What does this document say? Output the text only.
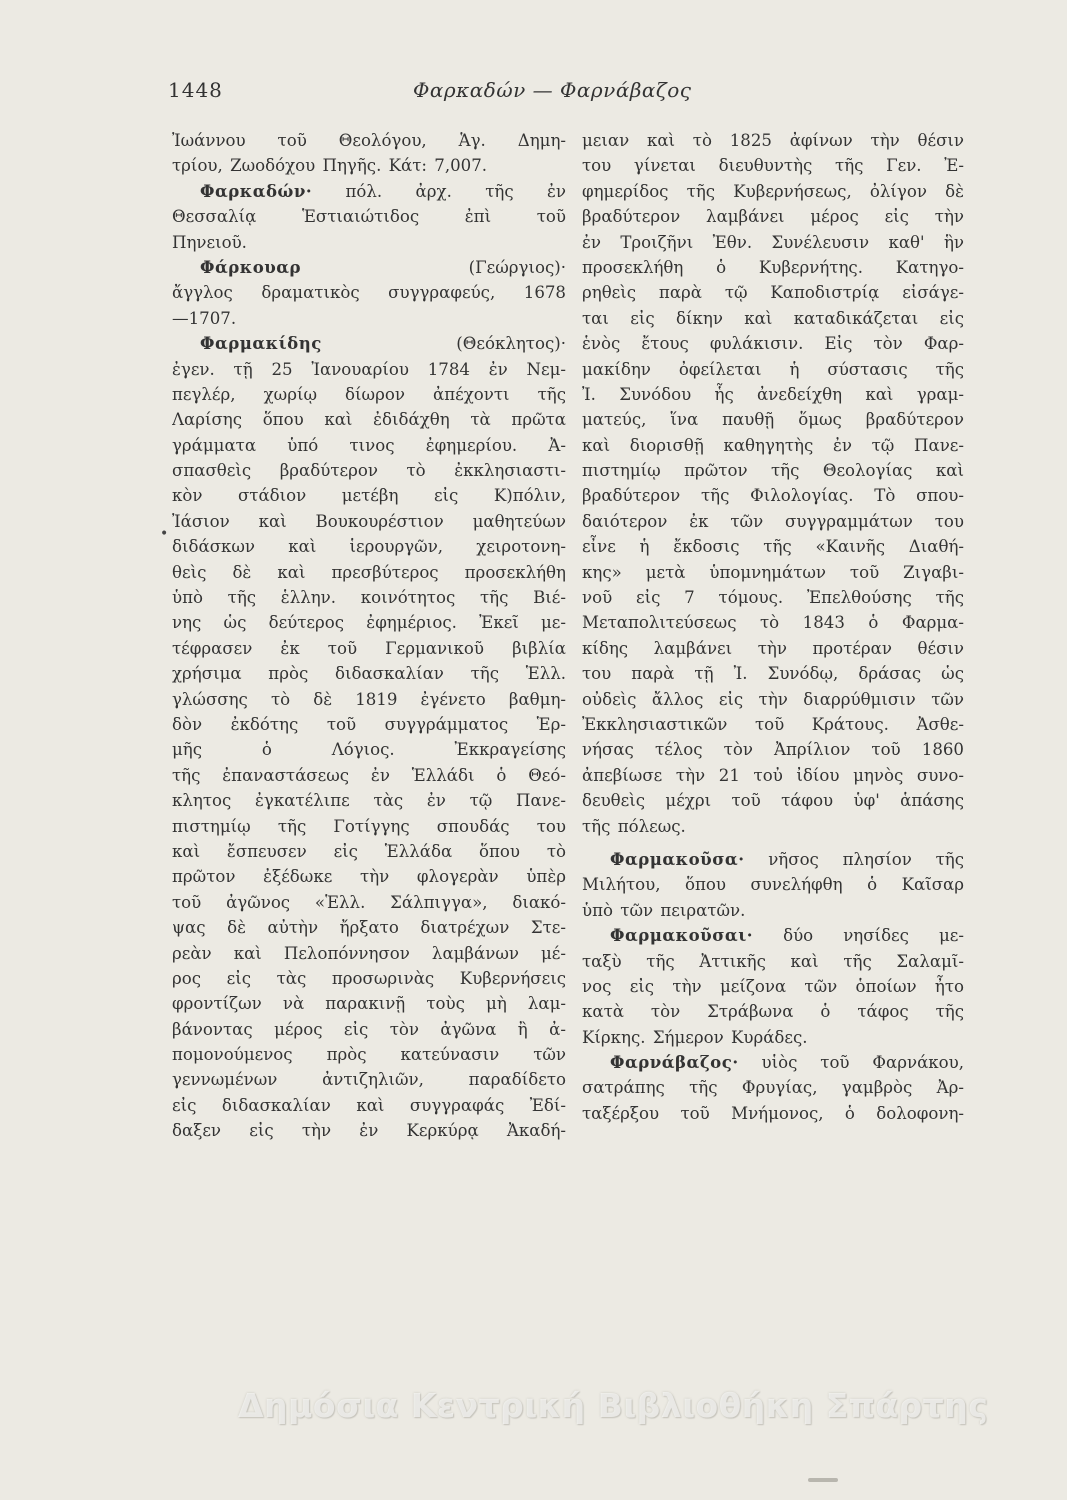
1448	Φαρκαδών — Φαρνάβαζος
•
Ἰωάννου τοῦ Θεολόγου, Ἁγ. Δημη-
τρίου, Ζωοδόχου Πηγῆς. Κάτ: 7,007.
Φαρκαδών· πόλ. ἀρχ. τῆς ἐν
Θεσσαλίᾳ Ἑστιαιώτιδος ἐπὶ τοῦ
Πηνειοῦ.
Φάρκουαρ (Γεώργιος)·
ἄγγλος δραματικὸς συγγραφεύς, 1678
—1707.
Φαρμακίδης (Θεόκλητος)·
ἐγεν. τῇ 25 Ἰανουαρίου 1784 ἐν Νεμ-
πεγλέρ, χωρίῳ δίωρον ἀπέχοντι τῆς
Λαρίσης ὅπου καὶ ἐδιδάχθη τὰ πρῶτα
γράμματα ὑπό τινος ἐφημερίου. Ἀ-
σπασθεὶς βραδύτερον τὸ ἐκκλησιαστι-
κὸν στάδιον μετέβη εἰς Κ)πόλιν,
Ἰάσιον καὶ Βουκουρέστιον μαθητεύων
διδάσκων καὶ ἱερουργῶν, χειροτονη-
θεὶς δὲ καὶ πρεσβύτερος προσεκλήθη
ὑπὸ τῆς ἑλλην. κοινότητος τῆς Βιέ-
νης ὡς δεύτερος ἐφημέριος. Ἐκεῖ με-
τέφρασεν ἐκ τοῦ Γερμανικοῦ βιβλία
χρήσιμα πρὸς διδασκαλίαν τῆς Ἑλλ.
γλώσσης τὸ δὲ 1819 ἐγένετο βαθμη-
δὸν ἐκδότης τοῦ συγγράμματος Ἑρ-
μῆς ὁ Λόγιος. Ἐκκραγείσης
τῆς ἐπαναστάσεως ἐν Ἑλλάδι ὁ Θεό-
κλητος ἐγκατέλιπε τὰς ἐν τῷ Πανε-
πιστημίῳ τῆς Γοτίγγης σπουδάς του
καὶ ἔσπευσεν εἰς Ἑλλάδα ὅπου τὸ
πρῶτον ἐξέδωκε τὴν φλογερὰν ὑπὲρ
τοῦ ἀγῶνος «Ἑλλ. Σάλπιγγα», διακό-
ψας δὲ αὐτὴν ἤρξατο διατρέχων Στε-
ρεὰν καὶ Πελοπόννησον λαμβάνων μέ-
ρος εἰς τὰς προσωρινὰς Κυβερνήσεις
φροντίζων νὰ παρακινῇ τοὺς μὴ λαμ-
βάνοντας μέρος εἰς τὸν ἀγῶνα ἢ ἀ-
πομονούμενος πρὸς κατεύνασιν τῶν
γεννωμένων ἀντιζηλιῶν, παραδίδετο
εἰς διδασκαλίαν καὶ συγγραφάς Ἐδί-
δαξεν εἰς τὴν ἐν Κερκύρᾳ Ἀκαδή-
μειαν καὶ τὸ 1825 ἀφίνων τὴν θέσιν
του γίνεται διευθυντὴς τῆς Γεν. Ἐ-
φημερίδος τῆς Κυβερνήσεως, ὀλίγον δὲ
βραδύτερον λαμβάνει μέρος εἰς τὴν
ἐν Τροιζῆνι Ἐθν. Συνέλευσιν καθ' ἣν
προσεκλήθη ὁ Κυβερνήτης. Κατηγο-
ρηθεὶς παρὰ τῷ Καποδιστρίᾳ εἰσάγε-
ται εἰς δίκην καὶ καταδικάζεται εἰς
ἑνὸς ἔτους φυλάκισιν. Εἰς τὸν Φαρ-
μακίδην ὀφείλεται ἡ σύστασις τῆς
Ἰ. Συνόδου ἧς ἀνεδείχθη καὶ γραμ-
ματεύς, ἵνα παυθῇ ὅμως βραδύτερον
καὶ διορισθῇ καθηγητὴς ἐν τῷ Πανε-
πιστημίῳ πρῶτον τῆς Θεολογίας καὶ
βραδύτερον τῆς Φιλολογίας. Τὸ σπου-
δαιότερον ἐκ τῶν συγγραμμάτων του
εἶνε ἡ ἔκδοσις τῆς «Καινῆς Διαθή-
κης» μετὰ ὑπομνημάτων τοῦ Ζιγαβι-
νοῦ εἰς 7 τόμους. Ἐπελθούσης τῆς
Μεταπολιτεύσεως τὸ 1843 ὁ Φαρμα-
κίδης λαμβάνει τὴν προτέραν θέσιν
του παρὰ τῇ Ἰ. Συνόδῳ, δράσας ὡς
οὐδεὶς ἄλλος εἰς τὴν διαρρύθμισιν τῶν
Ἐκκλησιαστικῶν τοῦ Κράτους. Ἀσθε-
νήσας τέλος τὸν Ἀπρίλιον τοῦ 1860
ἀπεβίωσε τὴν 21 τοὐ ἰδίου μηνὸς συνο-
δευθεὶς μέχρι τοῦ τάφου ὑφ' ἁπάσης
τῆς πόλεως.
Φαρμακοῦσα· νῆσος πλησίον τῆς
Μιλήτου, ὅπου συνελήφθη ὁ Καῖσαρ
ὑπὸ τῶν πειρατῶν.
Φαρμακοῦσαι· δύο νησίδες με-
ταξὺ τῆς Ἀττικῆς καὶ τῆς Σαλαμῖ-
νος εἰς τὴν μείζονα τῶν ὁποίων ἦτο
κατὰ τὸν Στράβωνα ὁ τάφος τῆς
Κίρκης. Σήμερον Κυράδες.
Φαρνάβαζος· υἱὸς τοῦ Φαρνάκου,
σατράπης τῆς Φρυγίας, γαμβρὸς Ἀρ-
ταξέρξου τοῦ Μνήμονος, ὁ δολοφονη-
Δημόσια Κεντρική Βιβλιοθήκη Σπάρτης
